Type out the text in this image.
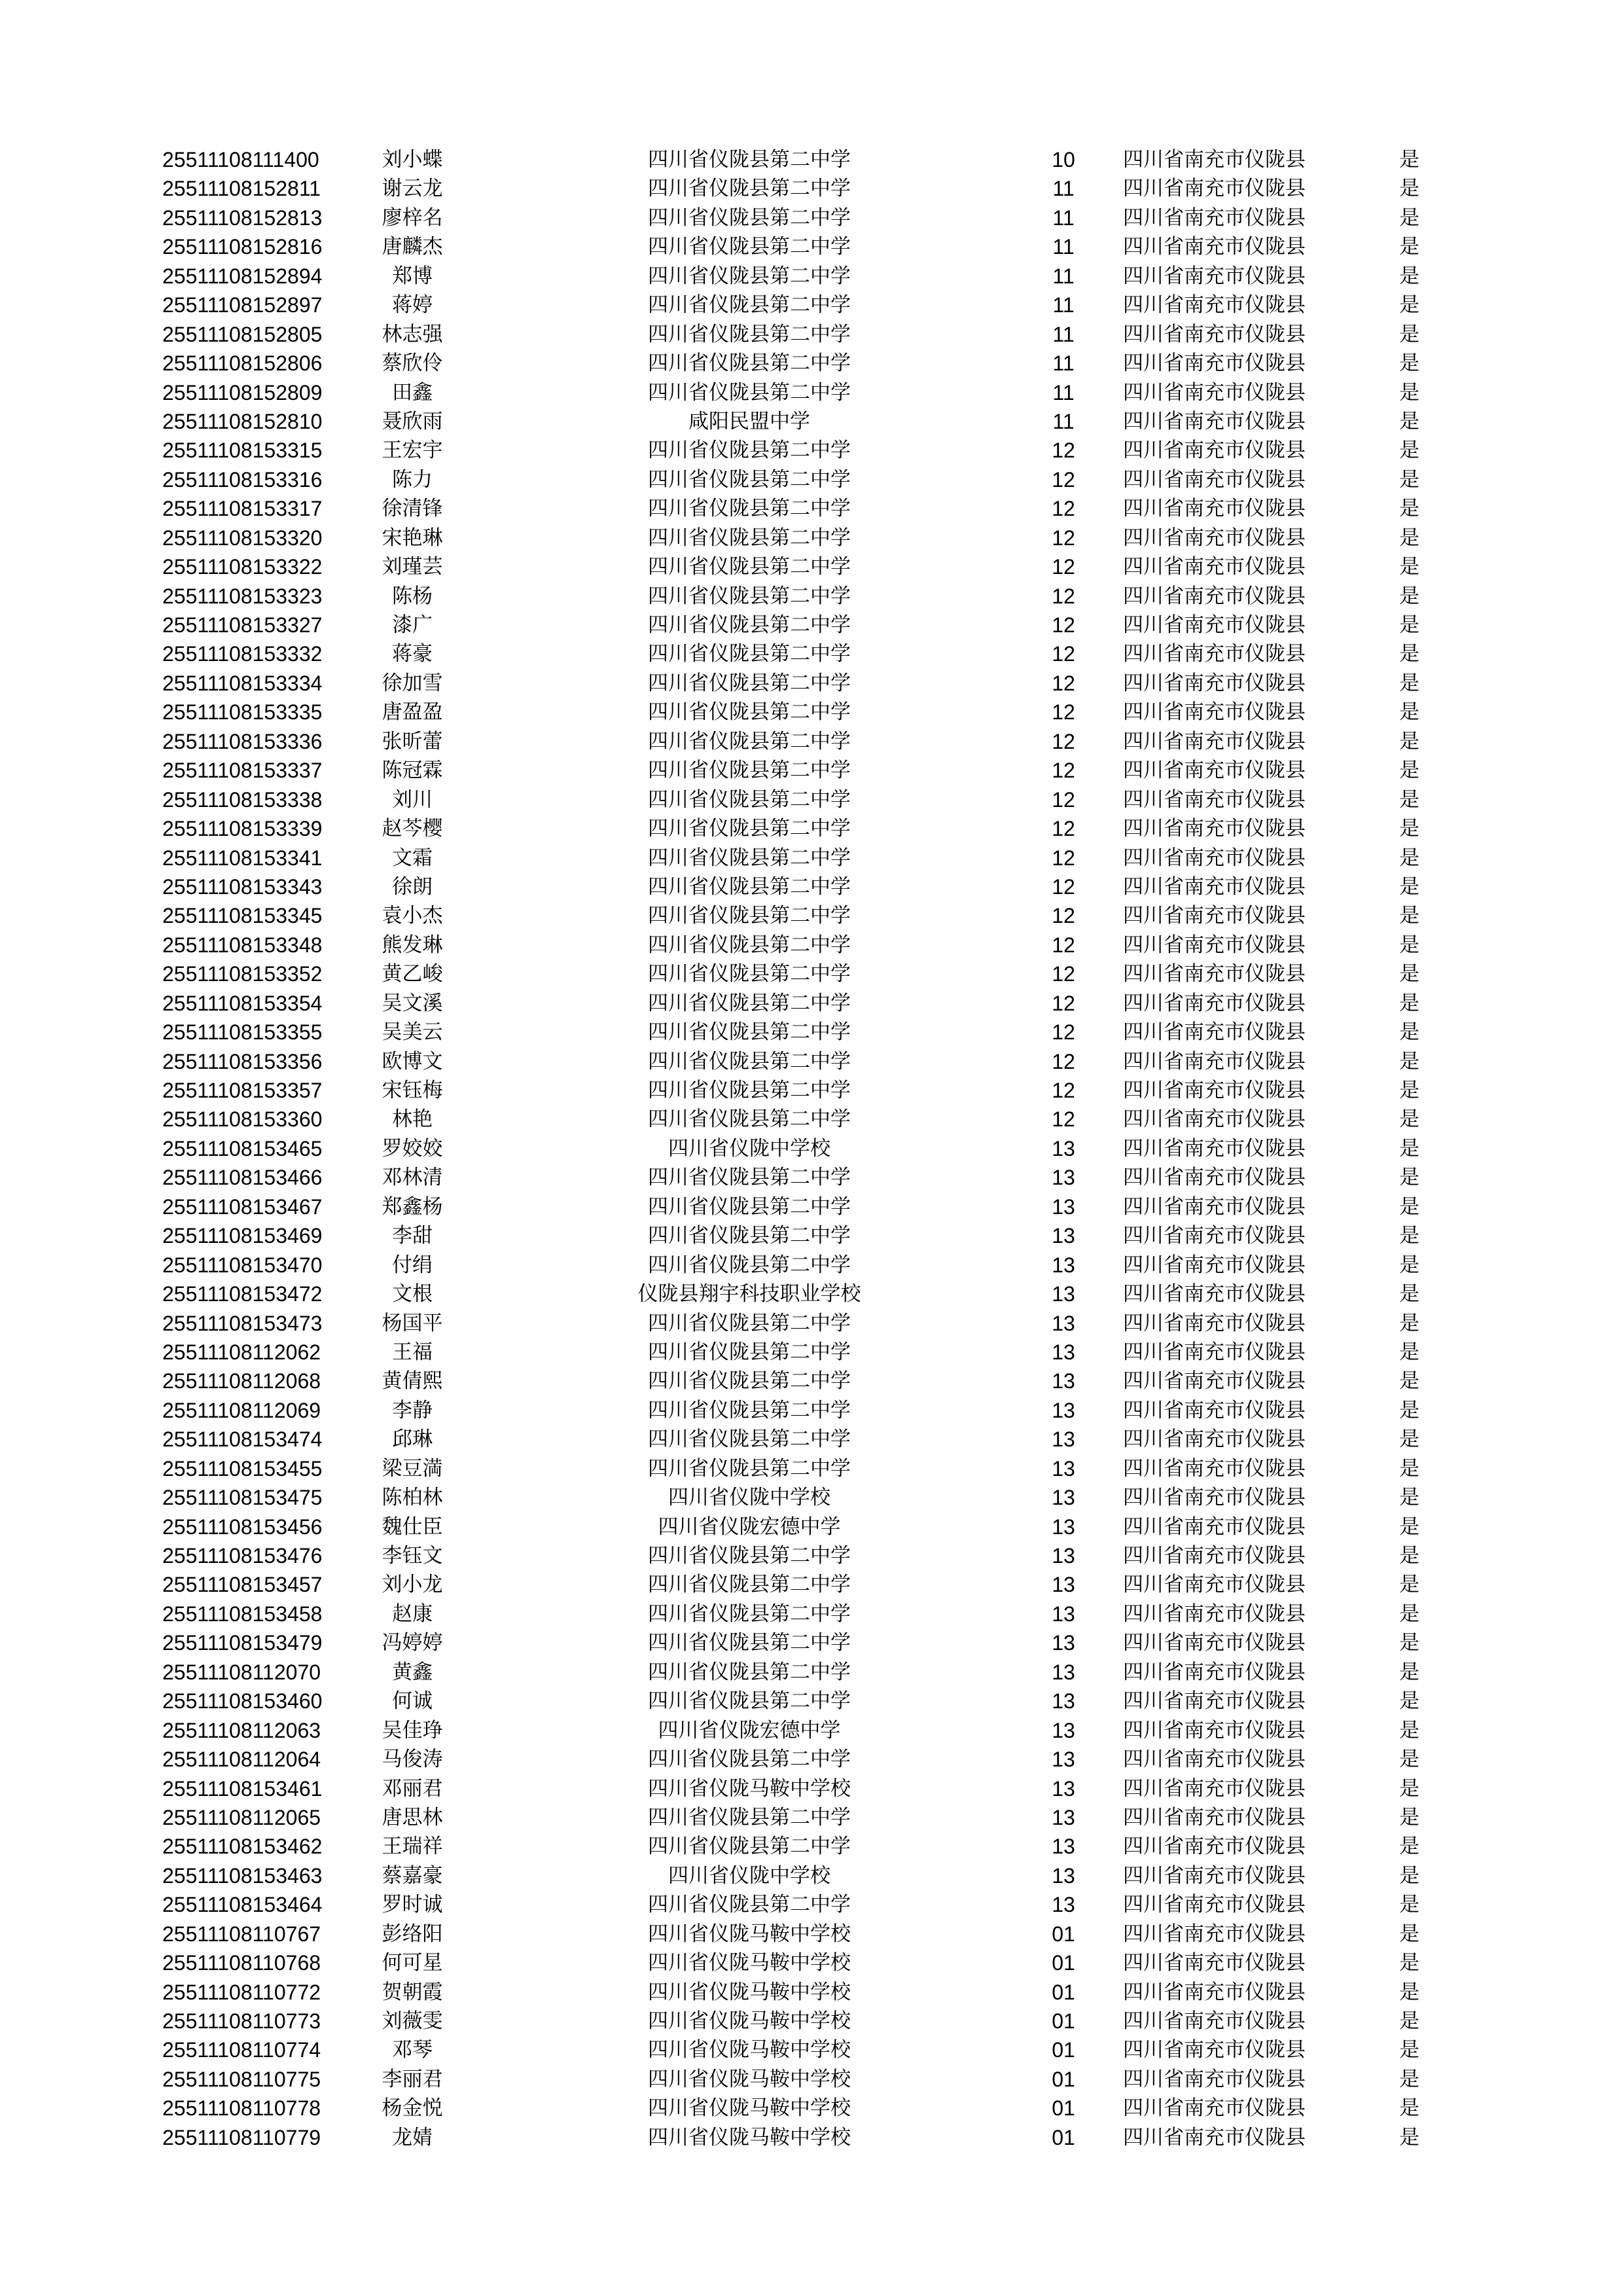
25511108111400	刘小蝶	四川省仪陇县第二中学	10	四川省南充市仪陇县	是
25511108152811	谢云龙	四川省仪陇县第二中学	11	四川省南充市仪陇县	是
25511108152813	廖梓名	四川省仪陇县第二中学	11	四川省南充市仪陇县	是
25511108152816	唐麟杰	四川省仪陇县第二中学	11	四川省南充市仪陇县	是
25511108152894	郑博	四川省仪陇县第二中学	11	四川省南充市仪陇县	是
25511108152897	蒋婷	四川省仪陇县第二中学	11	四川省南充市仪陇县	是
25511108152805	林志强	四川省仪陇县第二中学	11	四川省南充市仪陇县	是
25511108152806	蔡欣伶	四川省仪陇县第二中学	11	四川省南充市仪陇县	是
25511108152809	田鑫	四川省仪陇县第二中学	11	四川省南充市仪陇县	是
25511108152810	聂欣雨	咸阳民盟中学	11	四川省南充市仪陇县	是
25511108153315	王宏宇	四川省仪陇县第二中学	12	四川省南充市仪陇县	是
25511108153316	陈力	四川省仪陇县第二中学	12	四川省南充市仪陇县	是
25511108153317	徐清锋	四川省仪陇县第二中学	12	四川省南充市仪陇县	是
25511108153320	宋艳琳	四川省仪陇县第二中学	12	四川省南充市仪陇县	是
25511108153322	刘瑾芸	四川省仪陇县第二中学	12	四川省南充市仪陇县	是
25511108153323	陈杨	四川省仪陇县第二中学	12	四川省南充市仪陇县	是
25511108153327	漆广	四川省仪陇县第二中学	12	四川省南充市仪陇县	是
25511108153332	蒋豪	四川省仪陇县第二中学	12	四川省南充市仪陇县	是
25511108153334	徐加雪	四川省仪陇县第二中学	12	四川省南充市仪陇县	是
25511108153335	唐盈盈	四川省仪陇县第二中学	12	四川省南充市仪陇县	是
25511108153336	张昕蕾	四川省仪陇县第二中学	12	四川省南充市仪陇县	是
25511108153337	陈冠霖	四川省仪陇县第二中学	12	四川省南充市仪陇县	是
25511108153338	刘川	四川省仪陇县第二中学	12	四川省南充市仪陇县	是
25511108153339	赵芩樱	四川省仪陇县第二中学	12	四川省南充市仪陇县	是
25511108153341	文霜	四川省仪陇县第二中学	12	四川省南充市仪陇县	是
25511108153343	徐朗	四川省仪陇县第二中学	12	四川省南充市仪陇县	是
25511108153345	袁小杰	四川省仪陇县第二中学	12	四川省南充市仪陇县	是
25511108153348	熊发琳	四川省仪陇县第二中学	12	四川省南充市仪陇县	是
25511108153352	黄乙峻	四川省仪陇县第二中学	12	四川省南充市仪陇县	是
25511108153354	吴文溪	四川省仪陇县第二中学	12	四川省南充市仪陇县	是
25511108153355	吴美云	四川省仪陇县第二中学	12	四川省南充市仪陇县	是
25511108153356	欧博文	四川省仪陇县第二中学	12	四川省南充市仪陇县	是
25511108153357	宋钰梅	四川省仪陇县第二中学	12	四川省南充市仪陇县	是
25511108153360	林艳	四川省仪陇县第二中学	12	四川省南充市仪陇县	是
25511108153465	罗姣姣	四川省仪陇中学校	13	四川省南充市仪陇县	是
25511108153466	邓林清	四川省仪陇县第二中学	13	四川省南充市仪陇县	是
25511108153467	郑鑫杨	四川省仪陇县第二中学	13	四川省南充市仪陇县	是
25511108153469	李甜	四川省仪陇县第二中学	13	四川省南充市仪陇县	是
25511108153470	付绢	四川省仪陇县第二中学	13	四川省南充市仪陇县	是
25511108153472	文根	仪陇县翔宇科技职业学校	13	四川省南充市仪陇县	是
25511108153473	杨国平	四川省仪陇县第二中学	13	四川省南充市仪陇县	是
25511108112062	王福	四川省仪陇县第二中学	13	四川省南充市仪陇县	是
25511108112068	黄倩熙	四川省仪陇县第二中学	13	四川省南充市仪陇县	是
25511108112069	李静	四川省仪陇县第二中学	13	四川省南充市仪陇县	是
25511108153474	邱琳	四川省仪陇县第二中学	13	四川省南充市仪陇县	是
25511108153455	梁豆満	四川省仪陇县第二中学	13	四川省南充市仪陇县	是
25511108153475	陈柏林	四川省仪陇中学校	13	四川省南充市仪陇县	是
25511108153456	魏仕臣	四川省仪陇宏德中学	13	四川省南充市仪陇县	是
25511108153476	李钰文	四川省仪陇县第二中学	13	四川省南充市仪陇县	是
25511108153457	刘小龙	四川省仪陇县第二中学	13	四川省南充市仪陇县	是
25511108153458	赵康	四川省仪陇县第二中学	13	四川省南充市仪陇县	是
25511108153479	冯婷婷	四川省仪陇县第二中学	13	四川省南充市仪陇县	是
25511108112070	黄鑫	四川省仪陇县第二中学	13	四川省南充市仪陇县	是
25511108153460	何诚	四川省仪陇县第二中学	13	四川省南充市仪陇县	是
25511108112063	吴佳琤	四川省仪陇宏德中学	13	四川省南充市仪陇县	是
25511108112064	马俊涛	四川省仪陇县第二中学	13	四川省南充市仪陇县	是
25511108153461	邓丽君	四川省仪陇马鞍中学校	13	四川省南充市仪陇县	是
25511108112065	唐思林	四川省仪陇县第二中学	13	四川省南充市仪陇县	是
25511108153462	王瑞祥	四川省仪陇县第二中学	13	四川省南充市仪陇县	是
25511108153463	蔡嘉豪	四川省仪陇中学校	13	四川省南充市仪陇县	是
25511108153464	罗时诚	四川省仪陇县第二中学	13	四川省南充市仪陇县	是
25511108110767	彭络阳	四川省仪陇马鞍中学校	01	四川省南充市仪陇县	是
25511108110768	何可星	四川省仪陇马鞍中学校	01	四川省南充市仪陇县	是
25511108110772	贺朝霞	四川省仪陇马鞍中学校	01	四川省南充市仪陇县	是
25511108110773	刘薇雯	四川省仪陇马鞍中学校	01	四川省南充市仪陇县	是
25511108110774	邓琴	四川省仪陇马鞍中学校	01	四川省南充市仪陇县	是
25511108110775	李丽君	四川省仪陇马鞍中学校	01	四川省南充市仪陇县	是
25511108110778	杨金悦	四川省仪陇马鞍中学校	01	四川省南充市仪陇县	是
25511108110779	龙婧	四川省仪陇马鞍中学校	01	四川省南充市仪陇县	是
